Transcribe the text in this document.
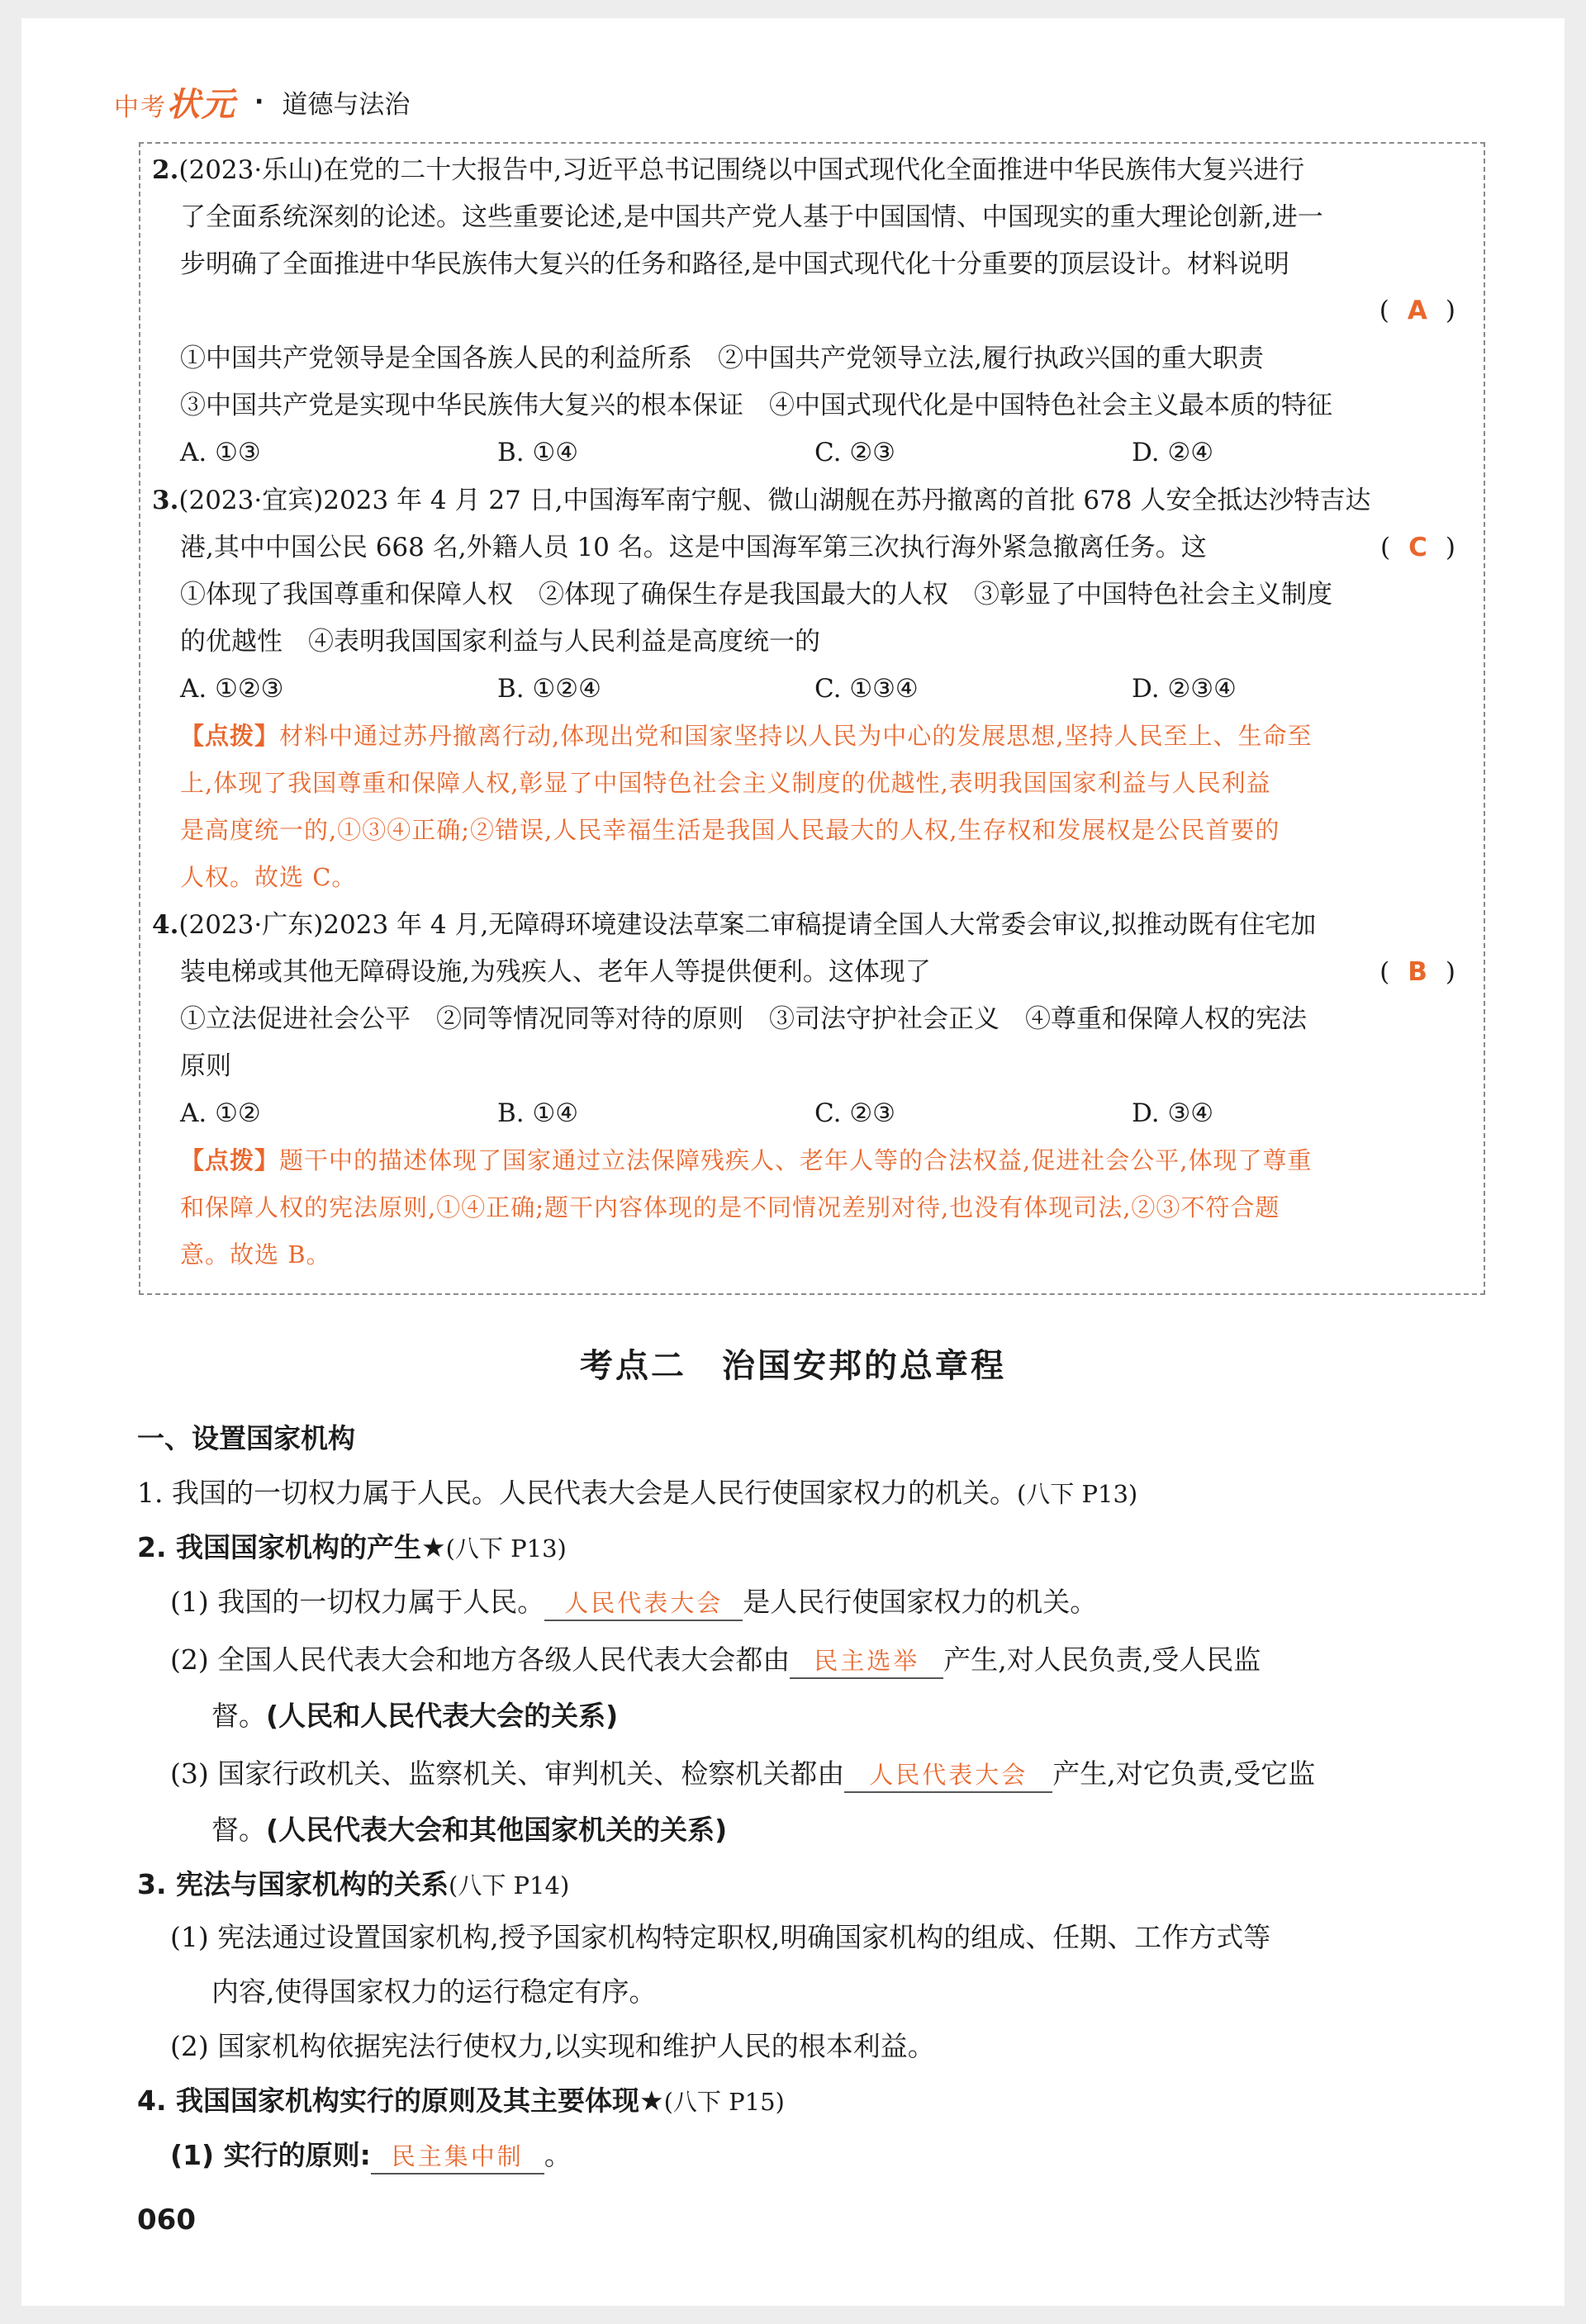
中考状元 · 道德与法治
2.(2023·乐山)在党的二十大报告中,习近平总书记围绕以中国式现代化全面推进中华民族伟大复兴进行
了全面系统深刻的论述。这些重要论述,是中国共产党人基于中国国情、中国现实的重大理论创新,进一
步明确了全面推进中华民族伟大复兴的任务和路径,是中国式现代化十分重要的顶层设计。材料说明
( A )
①中国共产党领导是全国各族人民的利益所系　②中国共产党领导立法,履行执政兴国的重大职责
③中国共产党是实现中华民族伟大复兴的根本保证　④中国式现代化是中国特色社会主义最本质的特征
A. ①③	B. ①④	C. ②③	D. ②④
3.(2023·宜宾)2023 年 4 月 27 日,中国海军南宁舰、微山湖舰在苏丹撤离的首批 678 人安全抵达沙特吉达
港,其中中国公民 668 名,外籍人员 10 名。这是中国海军第三次执行海外紧急撤离任务。这	( C )
①体现了我国尊重和保障人权　②体现了确保生存是我国最大的人权　③彰显了中国特色社会主义制度
的优越性　④表明我国国家利益与人民利益是高度统一的
A. ①②③	B. ①②④	C. ①③④	D. ②③④
【点拨】材料中通过苏丹撤离行动,体现出党和国家坚持以人民为中心的发展思想,坚持人民至上、生命至
上,体现了我国尊重和保障人权,彰显了中国特色社会主义制度的优越性,表明我国国家利益与人民利益
是高度统一的,①③④正确;②错误,人民幸福生活是我国人民最大的人权,生存权和发展权是公民首要的
人权。故选 C。
4.(2023·广东)2023 年 4 月,无障碍环境建设法草案二审稿提请全国人大常委会审议,拟推动既有住宅加
装电梯或其他无障碍设施,为残疾人、老年人等提供便利。这体现了	( B )
①立法促进社会公平　②同等情况同等对待的原则　③司法守护社会正义　④尊重和保障人权的宪法
原则
A. ①②	B. ①④	C. ②③	D. ③④
【点拨】题干中的描述体现了国家通过立法保障残疾人、老年人等的合法权益,促进社会公平,体现了尊重
和保障人权的宪法原则,①④正确;题干内容体现的是不同情况差别对待,也没有体现司法,②③不符合题
意。故选 B。
考点二　治国安邦的总章程
一、设置国家机构
1. 我国的一切权力属于人民。人民代表大会是人民行使国家权力的机关。(八下 P13)
2. 我国国家机构的产生★(八下 P13)
(1) 我国的一切权力属于人民。 人民代表大会 是人民行使国家权力的机关。
(2) 全国人民代表大会和地方各级人民代表大会都由 民主选举 产生,对人民负责,受人民监
督。(人民和人民代表大会的关系)
(3) 国家行政机关、监察机关、审判机关、检察机关都由 人民代表大会 产生,对它负责,受它监
督。(人民代表大会和其他国家机关的关系)
3. 宪法与国家机构的关系(八下 P14)
(1) 宪法通过设置国家机构,授予国家机构特定职权,明确国家机构的组成、任期、工作方式等
内容,使得国家权力的运行稳定有序。
(2) 国家机构依据宪法行使权力,以实现和维护人民的根本利益。
4. 我国国家机构实行的原则及其主要体现★(八下 P15)
(1) 实行的原则: 民主集中制 。
060
